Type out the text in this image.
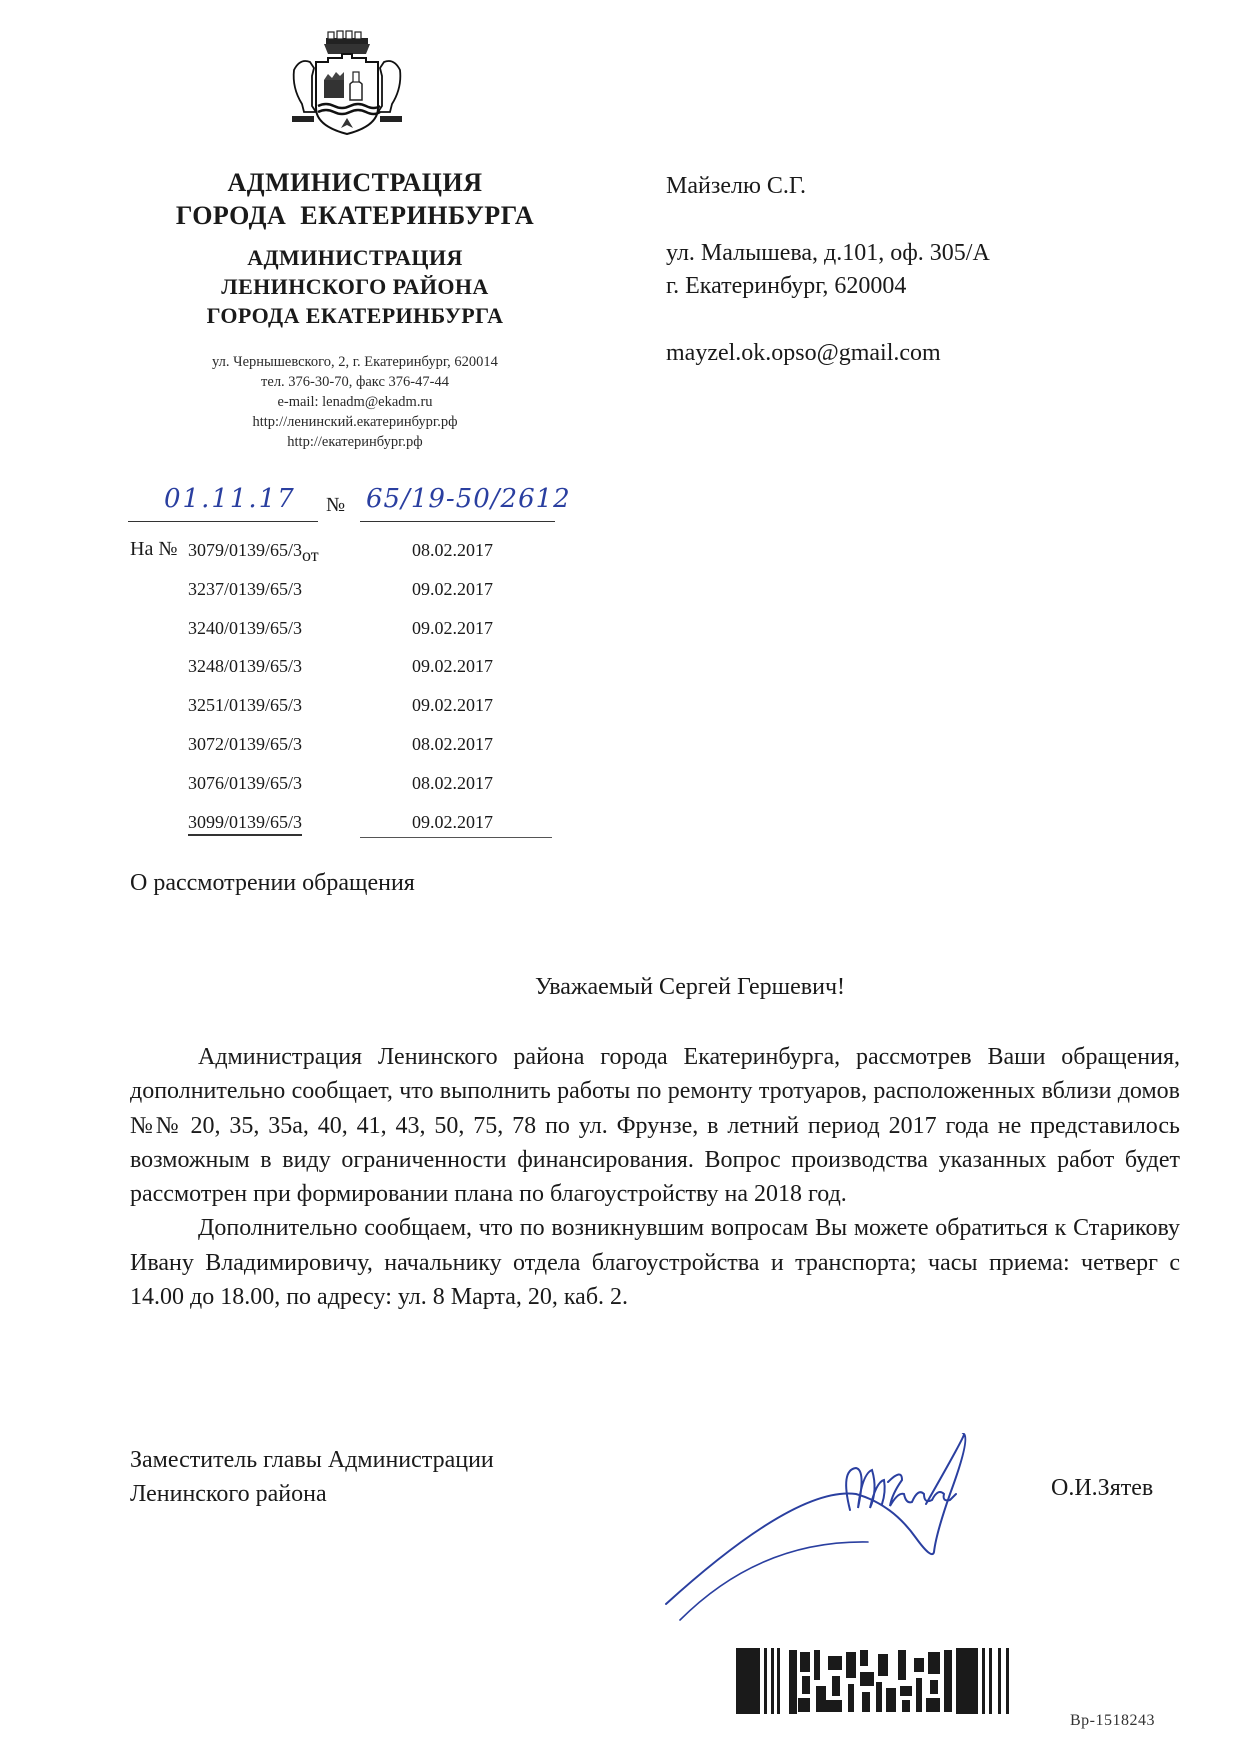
АДМИНИСТРАЦИЯ
ГОРОДА  ЕКАТЕРИНБУРГА
АДМИНИСТРАЦИЯ
ЛЕНИНСКОГО РАЙОНА
ГОРОДА ЕКАТЕРИНБУРГА
ул. Чернышевского, 2, г. Екатеринбург, 620014
тел. 376-30-70, факс 376-47-44
e-mail: lenadm@ekadm.ru
http://ленинский.екатеринбург.рф
http://екатеринбург.рф
01.11.17	№ 65/19-50/2612
На № 3079/0139/65/3 от	08.02.2017
3237/0139/65/3	09.02.2017
3240/0139/65/3	09.02.2017
3248/0139/65/3	09.02.2017
3251/0139/65/3	09.02.2017
3072/0139/65/3	08.02.2017
3076/0139/65/3	08.02.2017
3099/0139/65/3	09.02.2017
Майзелю С.Г.
ул. Малышева, д.101, оф. 305/А
г. Екатеринбург, 620004
mayzel.ok.opso@gmail.com
О рассмотрении обращения
Уважаемый Сергей Гершевич!

Администрация Ленинского района города Екатеринбурга, рассмотрев Ваши обращения, дополнительно сообщает, что выполнить работы по ремонту тротуаров, расположенных вблизи домов №№ 20, 35, 35а, 40, 41, 43, 50, 75, 78 по ул. Фрунзе, в летний период 2017 года не представилось возможным в виду ограниченности финансирования. Вопрос производства указанных работ будет рассмотрен при формировании плана по благоустройству на 2018 год.

Дополнительно сообщаем, что по возникнувшим вопросам Вы можете обратиться к Старикову Ивану Владимировичу, начальнику отдела благоустройства и транспорта; часы приема: четверг с 14.00 до 18.00, по адресу: ул. 8 Марта, 20, каб. 2.

Заместитель главы Администрации
Ленинского района	О.И.Зятев
Вр-1518243
